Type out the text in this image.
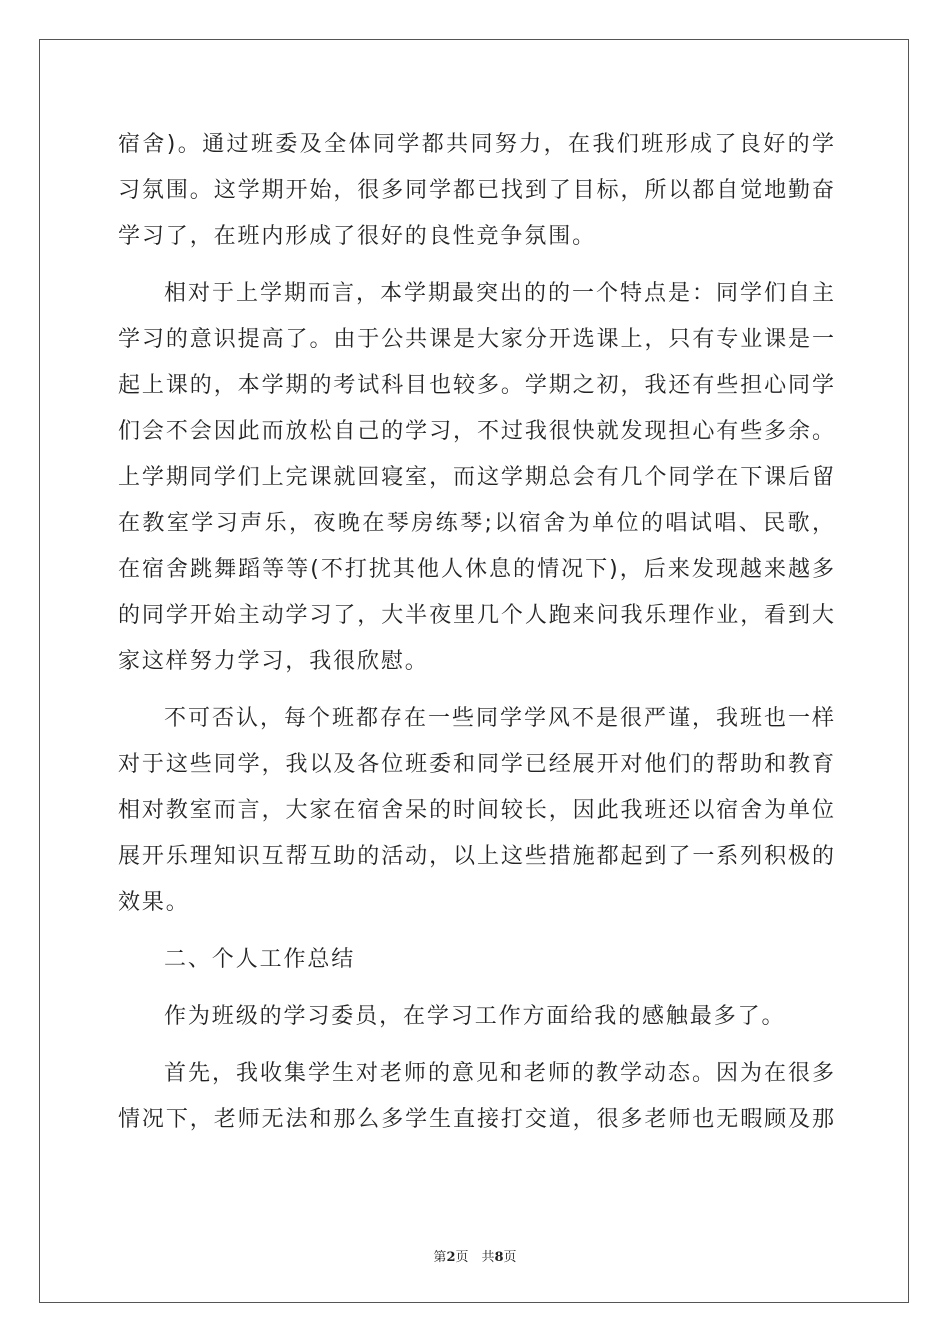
宿舍)。通过班委及全体同学都共同努力，在我们班形成了良好的学
习氛围。这学期开始，很多同学都已找到了目标，所以都自觉地勤奋
学习了，在班内形成了很好的良性竞争氛围。
相对于上学期而言，本学期最突出的的一个特点是：同学们自主
学习的意识提高了。由于公共课是大家分开选课上，只有专业课是一
起上课的，本学期的考试科目也较多。学期之初，我还有些担心同学
们会不会因此而放松自己的学习，不过我很快就发现担心有些多余。
上学期同学们上完课就回寝室，而这学期总会有几个同学在下课后留
在教室学习声乐，夜晚在琴房练琴;以宿舍为单位的唱试唱、民歌，
在宿舍跳舞蹈等等(不打扰其他人休息的情况下)，后来发现越来越多
的同学开始主动学习了，大半夜里几个人跑来问我乐理作业，看到大
家这样努力学习，我很欣慰。
不可否认，每个班都存在一些同学学风不是很严谨，我班也一样
对于这些同学，我以及各位班委和同学已经展开对他们的帮助和教育
相对教室而言，大家在宿舍呆的时间较长，因此我班还以宿舍为单位
展开乐理知识互帮互助的活动，以上这些措施都起到了一系列积极的
效果。
二、个人工作总结
作为班级的学习委员，在学习工作方面给我的感触最多了。
首先，我收集学生对老师的意见和老师的教学动态。因为在很多
情况下，老师无法和那么多学生直接打交道，很多老师也无暇顾及那
第2页　共8页
